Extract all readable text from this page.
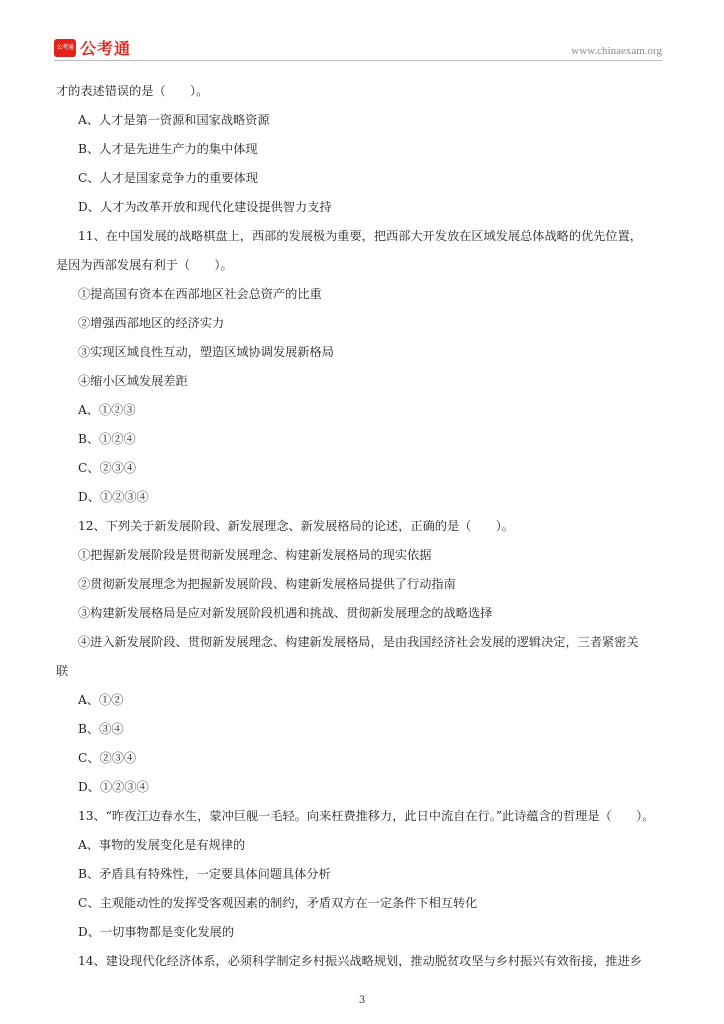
公考通 公考通	www.chinaexam.org
才的表述错误的是（　　）。
A、人才是第一资源和国家战略资源
B、人才是先进生产力的集中体现
C、人才是国家竞争力的重要体现
D、人才为改革开放和现代化建设提供智力支持
11、在中国发展的战略棋盘上，西部的发展极为重要，把西部大开发放在区域发展总体战略的优先位置，
是因为西部发展有利于（　　）。
①提高国有资本在西部地区社会总资产的比重
②增强西部地区的经济实力
③实现区域良性互动，塑造区域协调发展新格局
④缩小区域发展差距
A、①②③
B、①②④
C、②③④
D、①②③④
12、下列关于新发展阶段、新发展理念、新发展格局的论述，正确的是（　　）。
①把握新发展阶段是贯彻新发展理念、构建新发展格局的现实依据
②贯彻新发展理念为把握新发展阶段、构建新发展格局提供了行动指南
③构建新发展格局是应对新发展阶段机遇和挑战、贯彻新发展理念的战略选择
④进入新发展阶段、贯彻新发展理念、构建新发展格局，是由我国经济社会发展的逻辑决定，三者紧密关
联
A、①②
B、③④
C、②③④
D、①②③④
13、“昨夜江边春水生，蒙冲巨舰一毛轻。向来枉费推移力，此日中流自在行。”此诗蕴含的哲理是（　　）。
A、事物的发展变化是有规律的
B、矛盾具有特殊性，一定要具体问题具体分析
C、主观能动性的发挥受客观因素的制约，矛盾双方在一定条件下相互转化
D、一切事物都是变化发展的
14、建设现代化经济体系，必须科学制定乡村振兴战略规划，推动脱贫攻坚与乡村振兴有效衔接，推进乡
3
